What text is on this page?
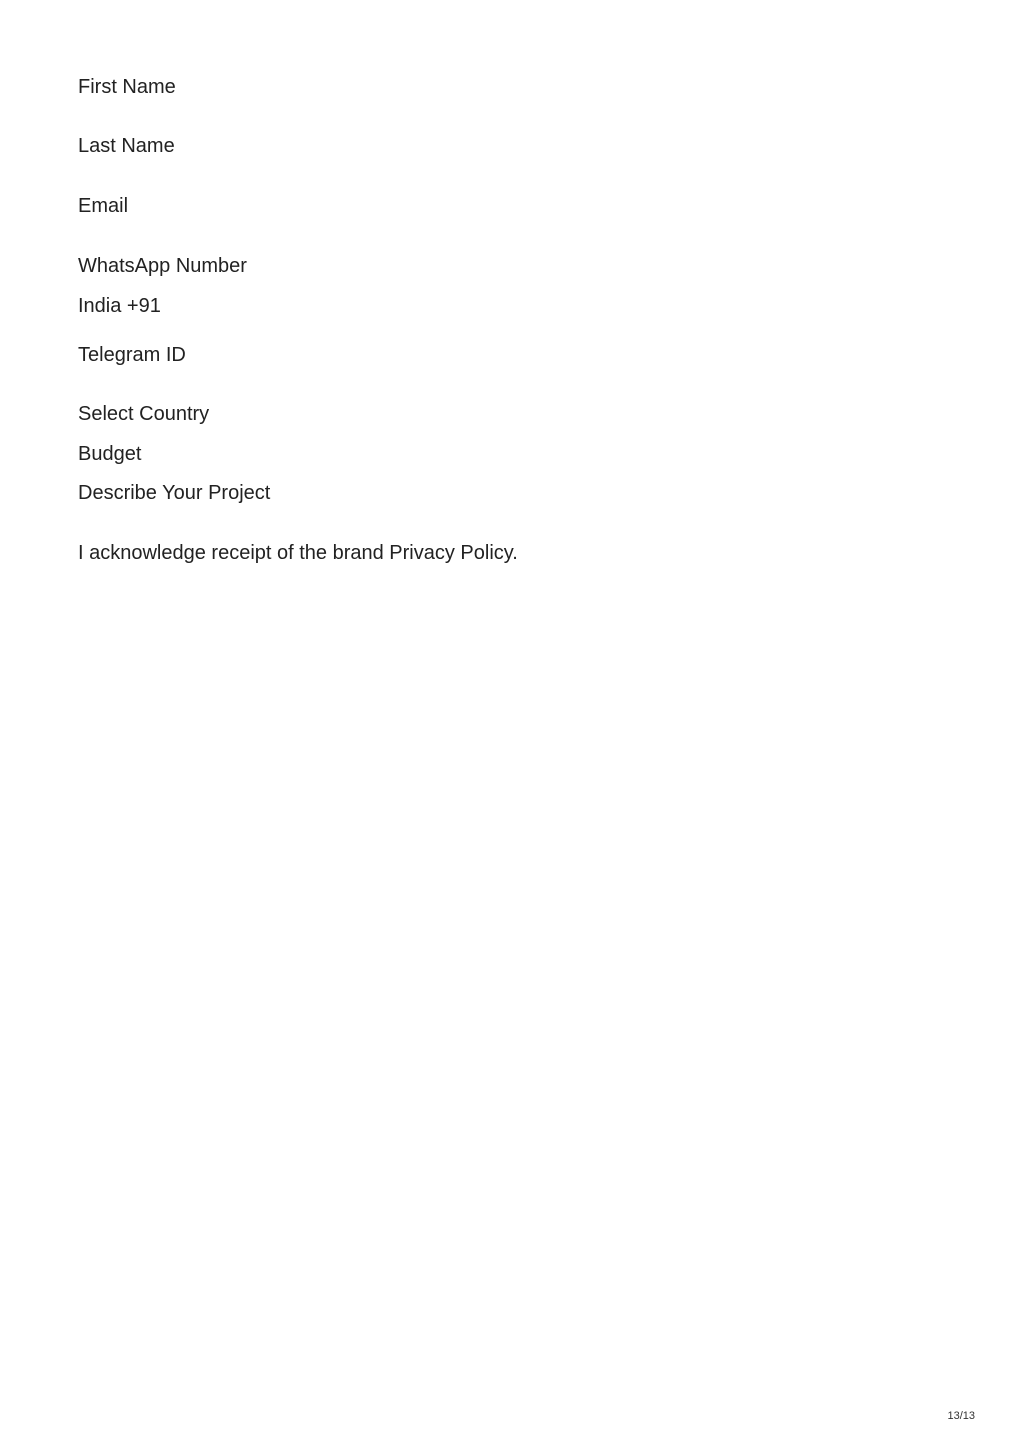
First Name
Last Name
Email
WhatsApp Number
India +91
Telegram ID
Select Country
Budget
Describe Your Project
I acknowledge receipt of the brand Privacy Policy.
13/13
